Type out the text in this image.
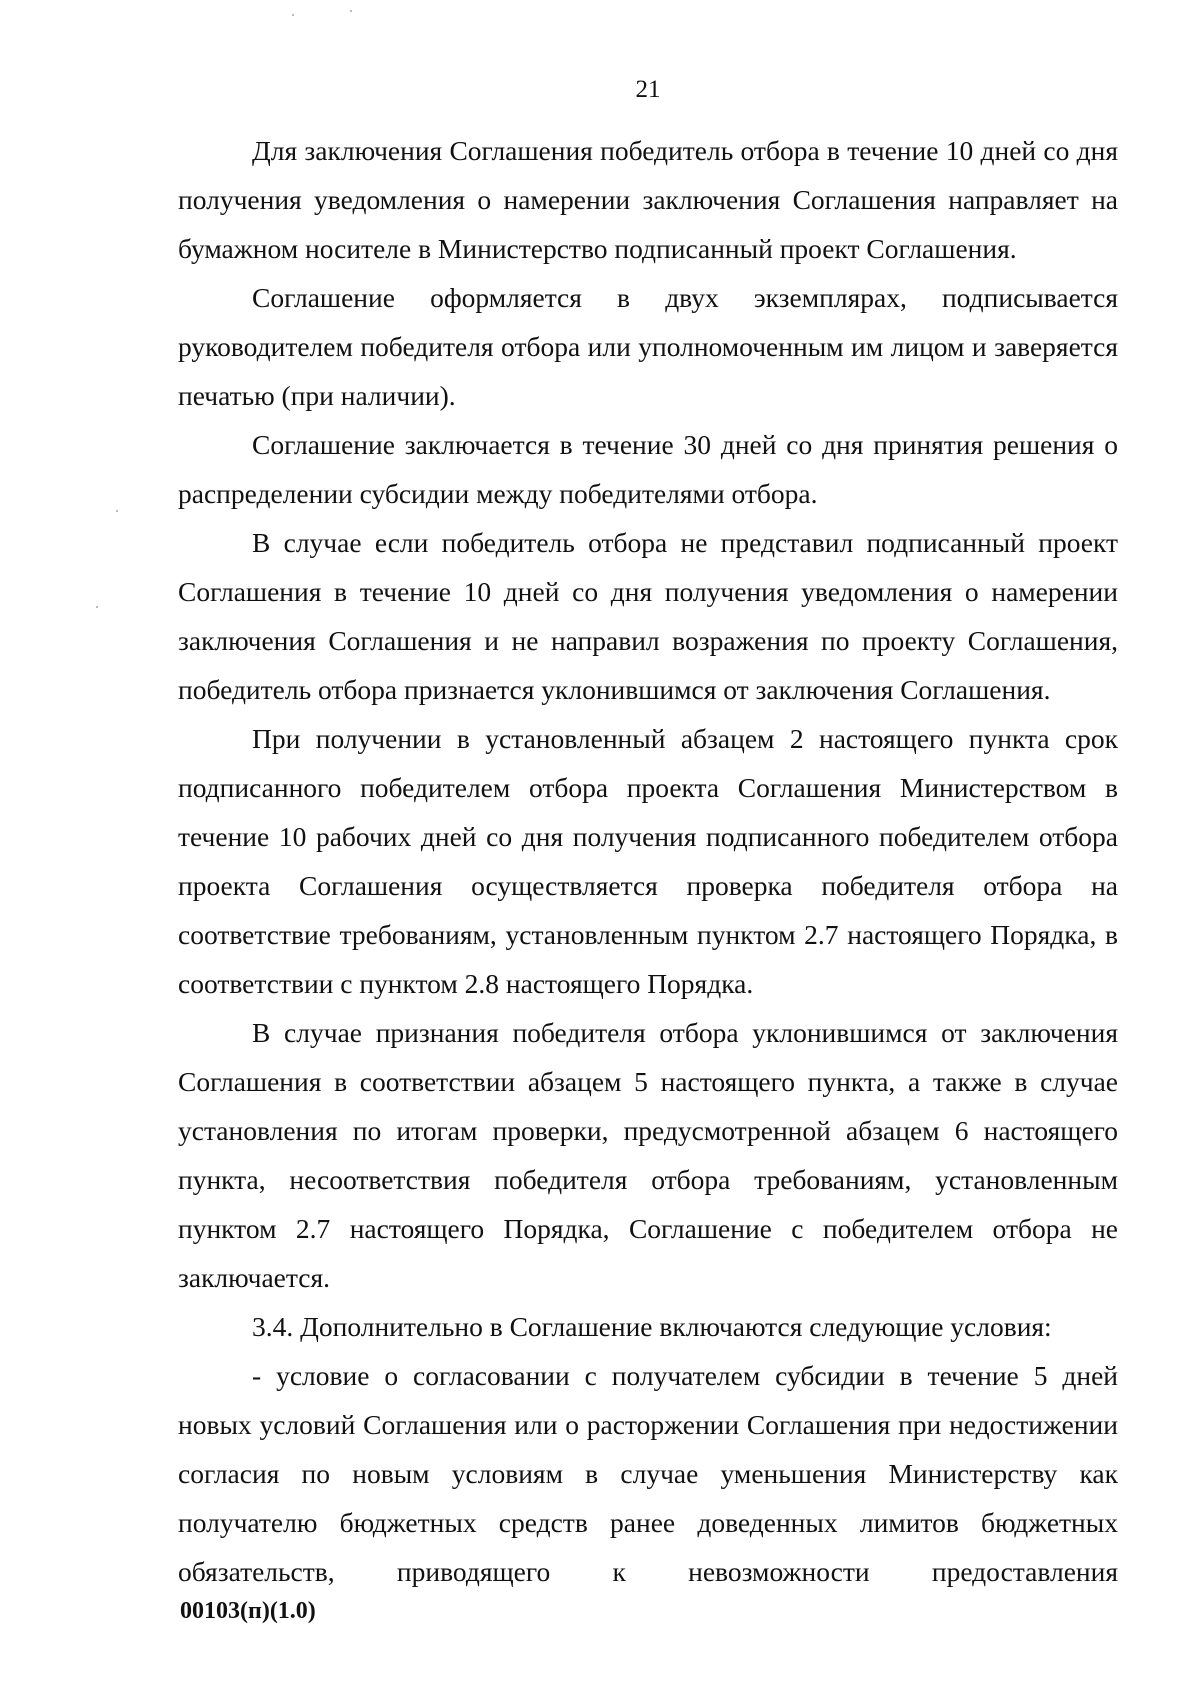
21

Для заключения Соглашения победитель отбора в течение 10 дней со дня получения уведомления о намерении заключения Соглашения направляет на бумажном носителе в Министерство подписанный проект Соглашения.

Соглашение оформляется в двух экземплярах, подписывается руководителем победителя отбора или уполномоченным им лицом и заверяется печатью (при наличии).

Соглашение заключается в течение 30 дней со дня принятия решения о распределении субсидии между победителями отбора.

В случае если победитель отбора не представил подписанный проект Соглашения в течение 10 дней со дня получения уведомления о намерении заключения Соглашения и не направил возражения по проекту Соглашения, победитель отбора признается уклонившимся от заключения Соглашения.

При получении в установленный абзацем 2 настоящего пункта срок подписанного победителем отбора проекта Соглашения Министерством в течение 10 рабочих дней со дня получения подписанного победителем отбора проекта Соглашения осуществляется проверка победителя отбора на соответствие требованиям, установленным пунктом 2.7 настоящего Порядка, в соответствии с пунктом 2.8 настоящего Порядка.

В случае признания победителя отбора уклонившимся от заключения Соглашения в соответствии абзацем 5 настоящего пункта, а также в случае установления по итогам проверки, предусмотренной абзацем 6 настоящего пункта, несоответствия победителя отбора требованиям, установленным пунктом 2.7 настоящего Порядка, Соглашение с победителем отбора не заключается.

3.4. Дополнительно в Соглашение включаются следующие условия:

- условие о согласовании с получателем субсидии в течение 5 дней новых условий Соглашения или о расторжении Соглашения при недостижении согласия по новым условиям в случае уменьшения Министерству как получателю бюджетных средств ранее доведенных лимитов бюджетных обязательств, приводящего к невозможности предоставления

00103(п)(1.0)
